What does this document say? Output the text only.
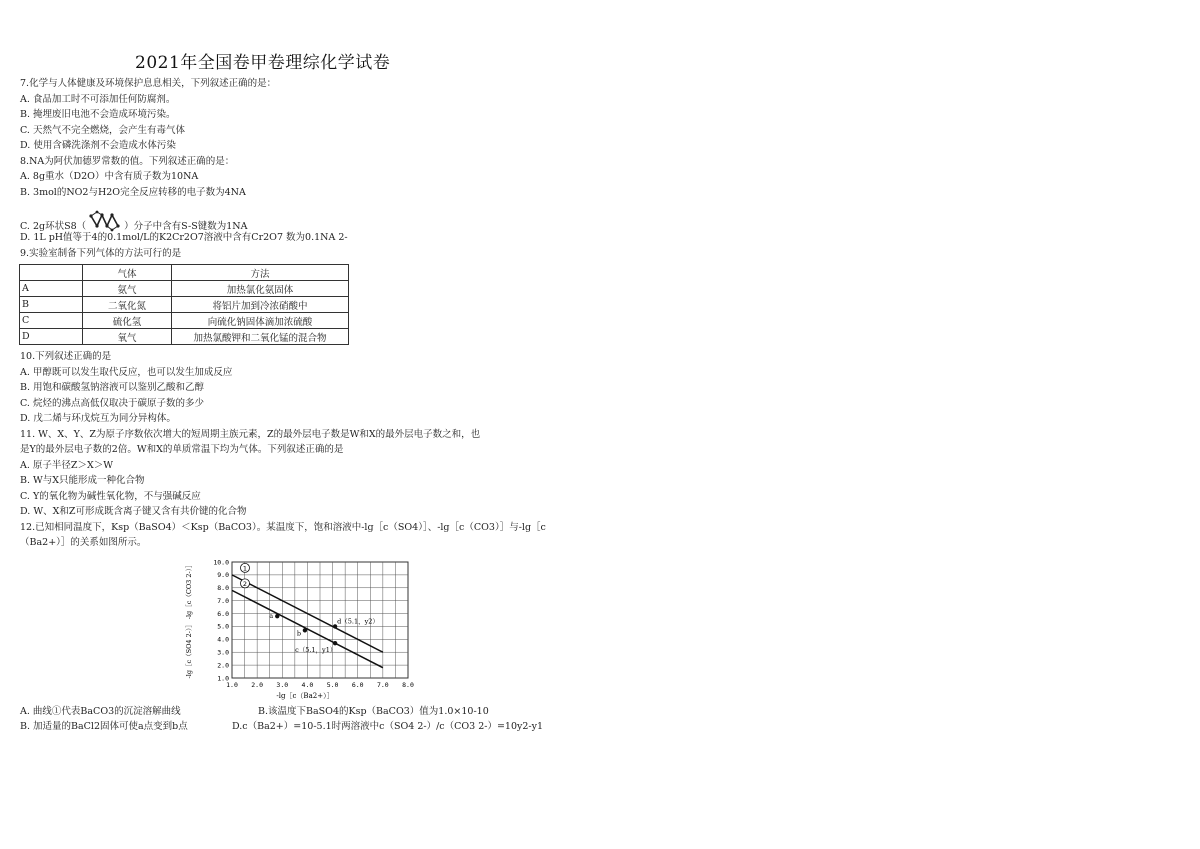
2021年全国卷甲卷理综化学试卷
7.化学与人体健康及环境保护息息相关，下列叙述正确的是：
A. 食品加工时不可添加任何防腐剂。
B. 掩埋废旧电池不会造成环境污染。
C. 天然气不完全燃烧，会产生有毒气体
D. 使用含磷洗涤剂不会造成水体污染
8.NA为阿伏加德罗常数的值。下列叙述正确的是：
A. 8g重水（D2O）中含有质子数为10NA
B. 3mol的NO2与H2O完全反应转移的电子数为4NA
C. 2g环状S8（	）分子中含有S-S键数为1NA
D. 1L pH值等于4的0.1mol/L的K2Cr2O7溶液中含有Cr2O7 数为0.1NA 2-
9.实验室制备下列气体的方法可行的是
	气体	方法
A	氨气	加热氯化氨固体
B	二氧化氮	将铝片加到冷浓硝酸中
C	硫化氢	向硫化钠固体滴加浓硫酸
D	氧气	加热氯酸钾和二氧化锰的混合物
10.下列叙述正确的是
A. 甲醇既可以发生取代反应，也可以发生加成反应
B. 用饱和碳酸氢钠溶液可以鉴别乙酸和乙醇
C. 烷烃的沸点高低仅取决于碳原子数的多少
D. 戊二烯与环戊烷互为同分异构体。
11. W、X、Y、Z为原子序数依次增大的短周期主族元素，Z的最外层电子数是W和X的最外层电子数之和，也
是Y的最外层电子数的2倍。W和X的单质常温下均为气体。下列叙述正确的是
A. 原子半径Z＞X＞W
B. W与X只能形成一种化合物
C. Y的氧化物为碱性氧化物，不与强碱反应
D. W、X和Z可形成既含离子键又含有共价键的化合物
12.已知相同温度下，Ksp（BaSO4）＜Ksp（BaCO3）。某温度下，饱和溶液中-lg［c（SO4）］、-lg［c（CO3）］与-lg［c
（Ba2+）］的关系如图所示。
1.0 2.0 3.0 4.0 5.0 6.0 7.0 8.0
1.0
2.0
3.0
4.0
5.0
6.0
7.0
8.0
9.0
10.0
1
2
a
b
d（5.1，y2）
c（5.1，y1）
-lg［c（Ba2+）］
-lg［c（SO4 2-）］ -lg［c（CO3 2-）］
A. 曲线①代表BaCO3的沉淀溶解曲线	B.该温度下BaSO4的Ksp（BaCO3）值为1.0×10-10
B. 加适量的BaCl2固体可使a点变到b点	D.c（Ba2+）=10-5.1时两溶液中c（SO4 2-）/c（CO3 2-）=10y2-y1
